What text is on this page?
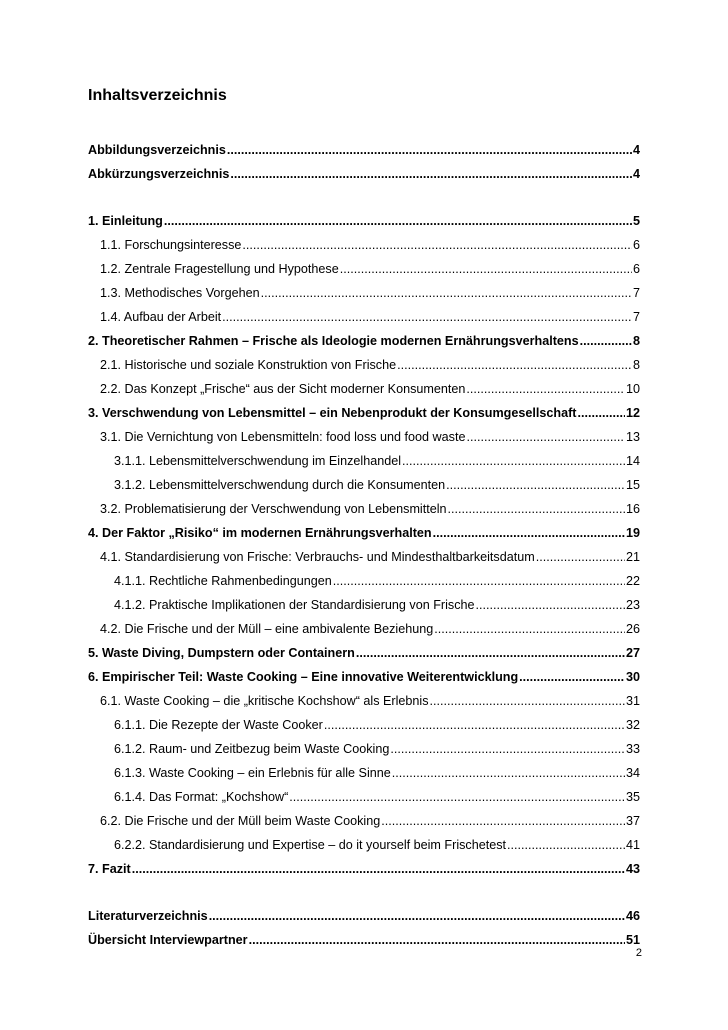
Inhaltsverzeichnis
Abbildungsverzeichnis .....	4
Abkürzungsverzeichnis .....	4
1. Einleitung .....	5
1.1. Forschungsinteresse .....	6
1.2. Zentrale Fragestellung und Hypothese .....	6
1.3. Methodisches Vorgehen .....	7
1.4. Aufbau der Arbeit .....	7
2. Theoretischer Rahmen – Frische als Ideologie modernen Ernährungsverhaltens .....	8
2.1. Historische und soziale Konstruktion von Frische .....	8
2.2. Das Konzept „Frische“ aus der Sicht moderner Konsumenten .....	10
3. Verschwendung von Lebensmittel – ein Nebenprodukt der Konsumgesellschaft .....	12
3.1. Die Vernichtung von Lebensmitteln: food loss und food waste .....	13
3.1.1. Lebensmittelverschwendung im Einzelhandel .....	14
3.1.2. Lebensmittelverschwendung durch die Konsumenten .....	15
3.2. Problematisierung der Verschwendung von Lebensmitteln .....	16
4. Der Faktor „Risiko“ im modernen Ernährungsverhalten .....	19
4.1. Standardisierung von Frische: Verbrauchs- und Mindesthaltbarkeitsdatum .....	21
4.1.1. Rechtliche Rahmenbedingungen .....	22
4.1.2. Praktische Implikationen der Standardisierung von Frische .....	23
4.2. Die Frische und der Müll – eine ambivalente Beziehung .....	26
5. Waste Diving, Dumpstern oder Containern .....	27
6. Empirischer Teil: Waste Cooking – Eine innovative Weiterentwicklung .....	30
6.1. Waste Cooking – die „kritische Kochshow“ als Erlebnis .....	31
6.1.1. Die Rezepte der Waste Cooker .....	32
6.1.2. Raum- und Zeitbezug beim Waste Cooking .....	33
6.1.3. Waste Cooking – ein Erlebnis für alle Sinne .....	34
6.1.4. Das Format: „Kochshow“ .....	35
6.2. Die Frische und der Müll beim Waste Cooking .....	37
6.2.2. Standardisierung und Expertise – do it yourself beim Frischetest .....	41
7. Fazit .....	43
Literaturverzeichnis .....	46
Übersicht Interviewpartner .....	51
2
